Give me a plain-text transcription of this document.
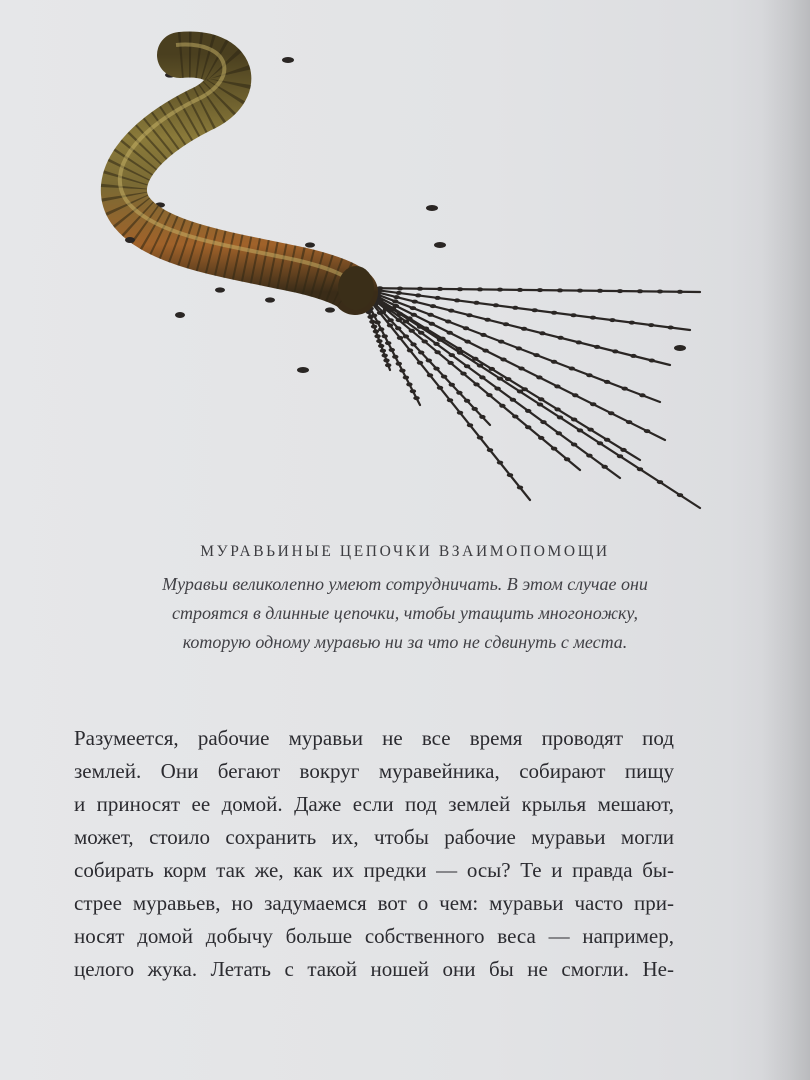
МУРАВЬИНЫЕ ЦЕПОЧКИ ВЗАИМОПОМОЩИ
Муравьи великолепно умеют сотрудничать. В этом случае они
строятся в длинные цепочки, чтобы утащить многоножку,
которую одному муравью ни за что не сдвинуть с места.
Разумеется, рабочие муравьи не все время проводят под
землей. Они бегают вокруг муравейника, собирают пищу
и приносят ее домой. Даже если под землей крылья мешают,
может, стоило сохранить их, чтобы рабочие муравьи могли
собирать корм так же, как их предки — осы? Те и правда бы-
стрее муравьев, но задумаемся вот о чем: муравьи часто при-
носят домой добычу больше собственного веса — например,
целого жука. Летать с такой ношей они бы не смогли. Не-
